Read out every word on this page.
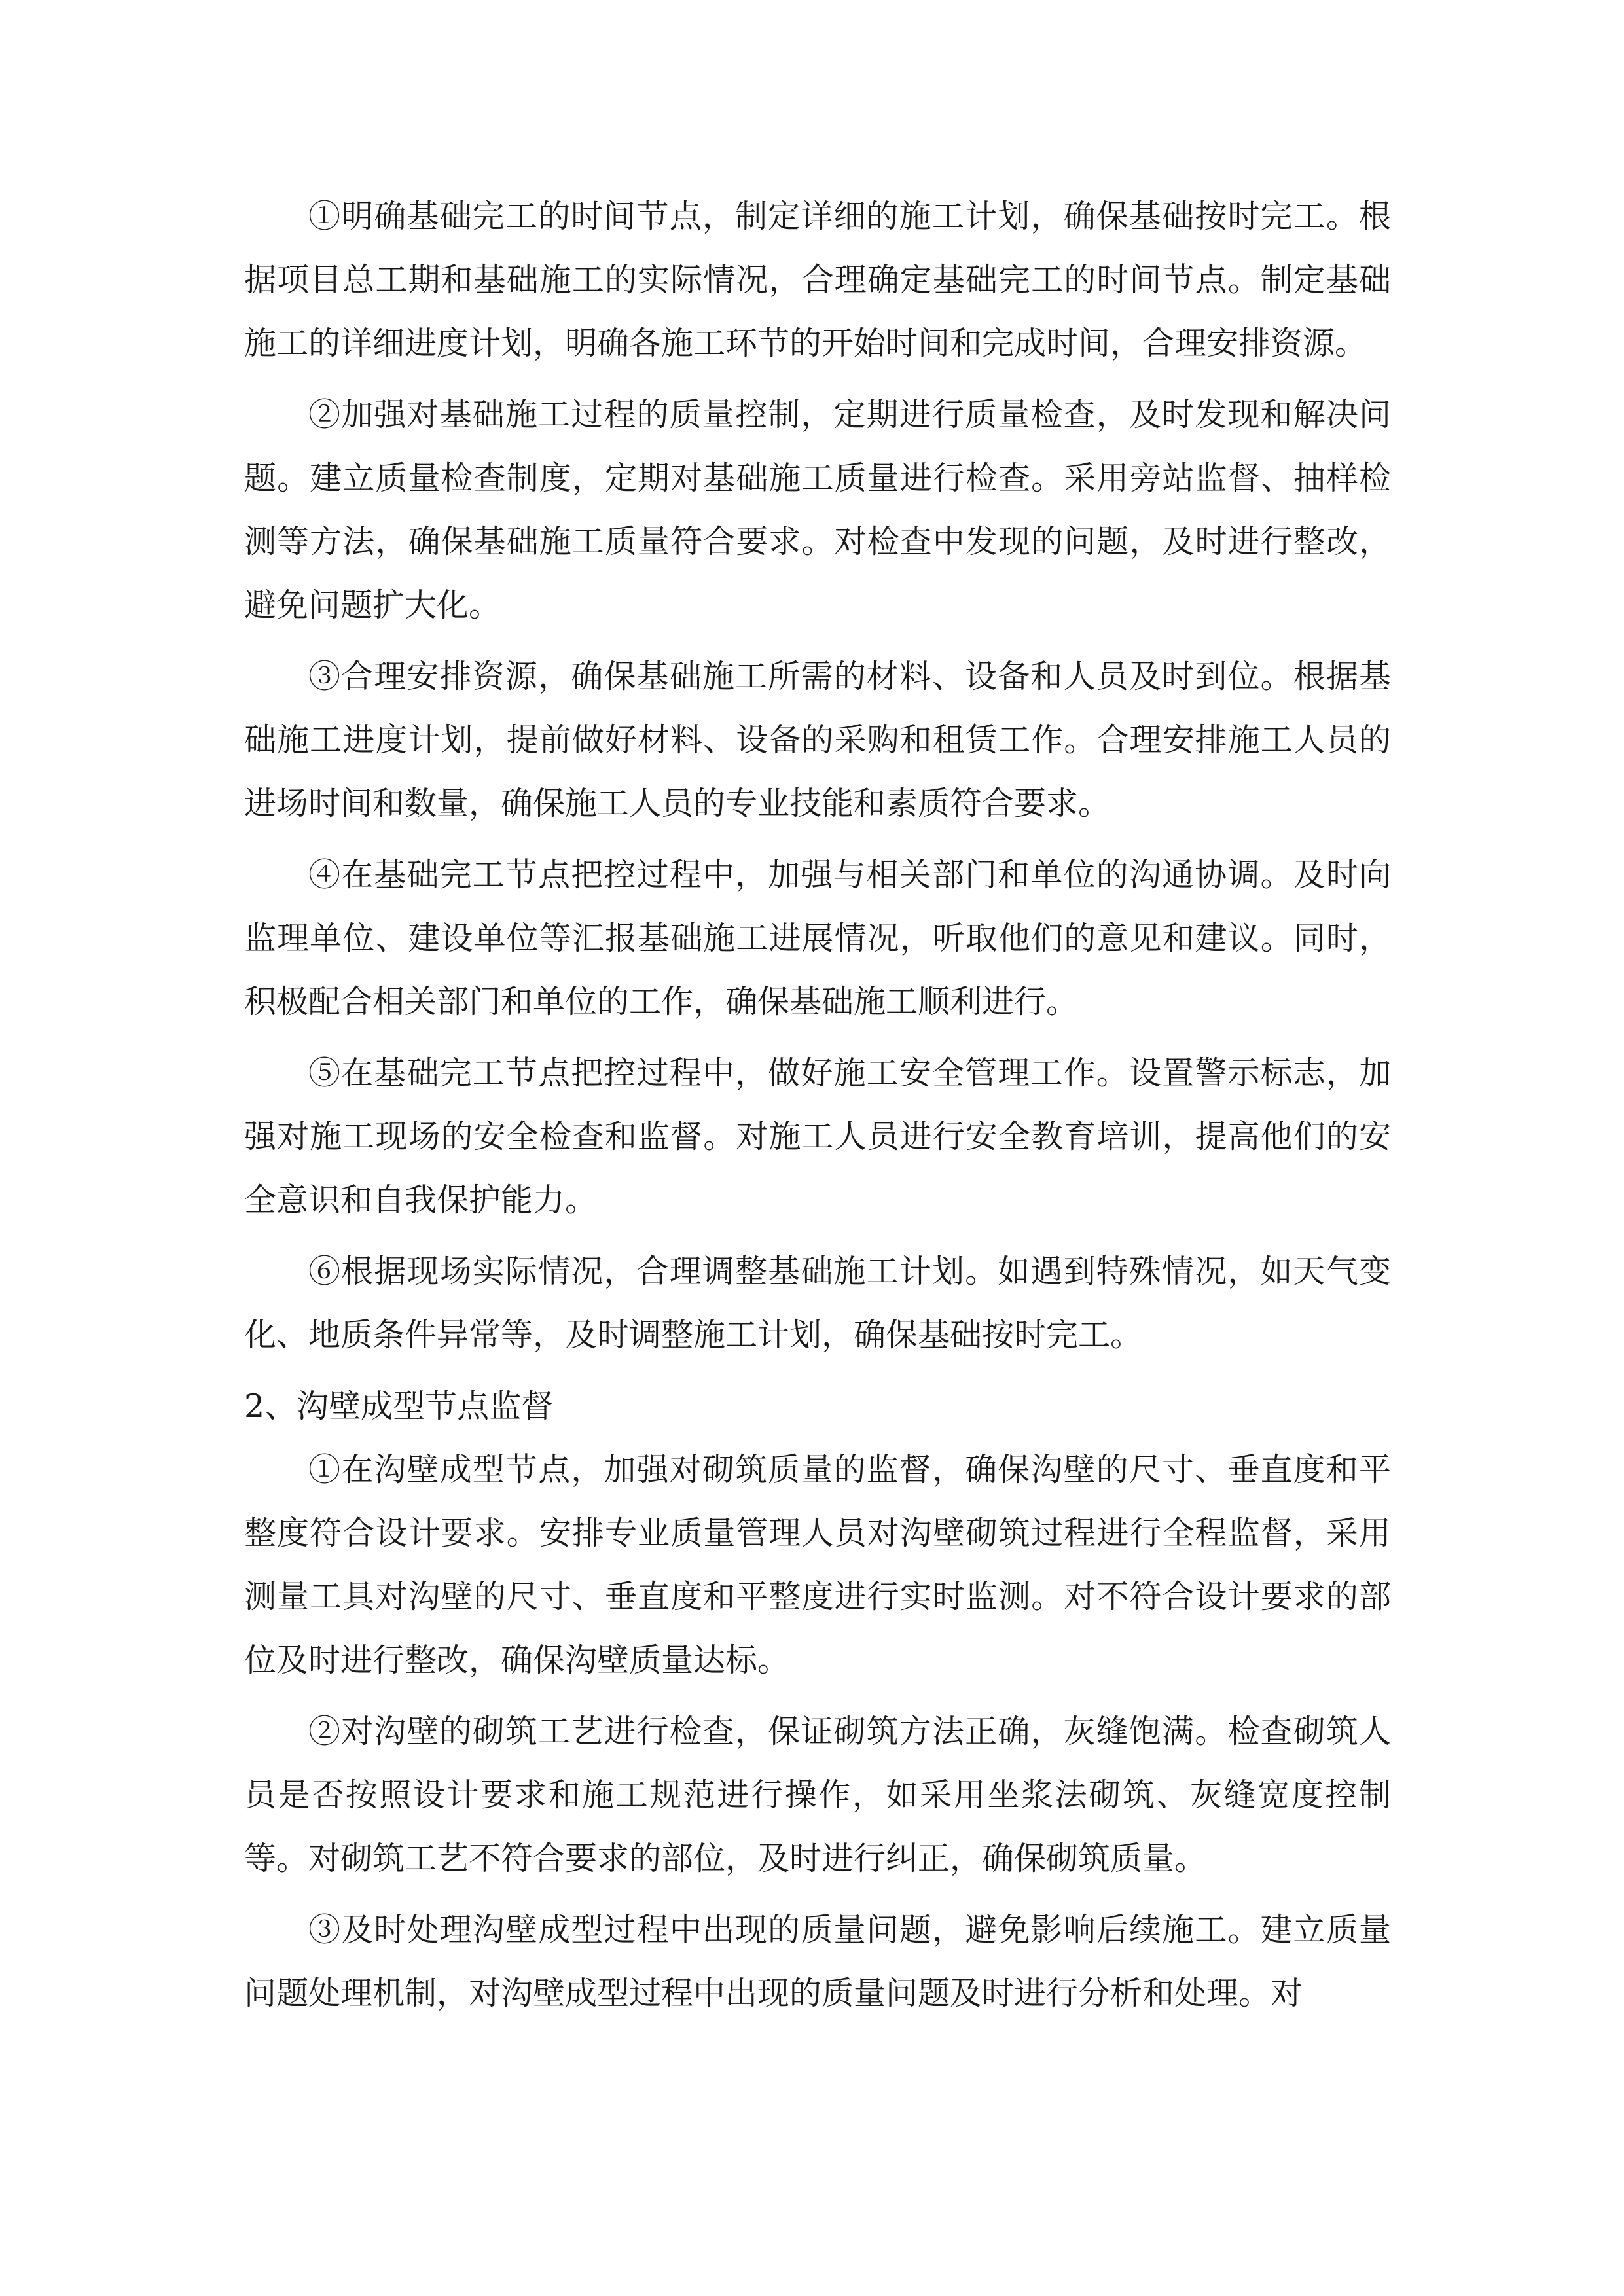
①明确基础完工的时间节点，制定详细的施工计划，确保基础按时完工。根据项目总工期和基础施工的实际情况，合理确定基础完工的时间节点。制定基础施工的详细进度计划，明确各施工环节的开始时间和完成时间，合理安排资源。

②加强对基础施工过程的质量控制，定期进行质量检查，及时发现和解决问题。建立质量检查制度，定期对基础施工质量进行检查。采用旁站监督、抽样检测等方法，确保基础施工质量符合要求。对检查中发现的问题，及时进行整改，避免问题扩大化。

③合理安排资源，确保基础施工所需的材料、设备和人员及时到位。根据基础施工进度计划，提前做好材料、设备的采购和租赁工作。合理安排施工人员的进场时间和数量，确保施工人员的专业技能和素质符合要求。

④在基础完工节点把控过程中，加强与相关部门和单位的沟通协调。及时向监理单位、建设单位等汇报基础施工进展情况，听取他们的意见和建议。同时，积极配合相关部门和单位的工作，确保基础施工顺利进行。

⑤在基础完工节点把控过程中，做好施工安全管理工作。设置警示标志，加强对施工现场的安全检查和监督。对施工人员进行安全教育培训，提高他们的安全意识和自我保护能力。

⑥根据现场实际情况，合理调整基础施工计划。如遇到特殊情况，如天气变化、地质条件异常等，及时调整施工计划，确保基础按时完工。

2、沟壁成型节点监督

①在沟壁成型节点，加强对砌筑质量的监督，确保沟壁的尺寸、垂直度和平整度符合设计要求。安排专业质量管理人员对沟壁砌筑过程进行全程监督，采用测量工具对沟壁的尺寸、垂直度和平整度进行实时监测。对不符合设计要求的部位及时进行整改，确保沟壁质量达标。

②对沟壁的砌筑工艺进行检查，保证砌筑方法正确，灰缝饱满。检查砌筑人员是否按照设计要求和施工规范进行操作，如采用坐浆法砌筑、灰缝宽度控制等。对砌筑工艺不符合要求的部位，及时进行纠正，确保砌筑质量。

③及时处理沟壁成型过程中出现的质量问题，避免影响后续施工。建立质量问题处理机制，对沟壁成型过程中出现的质量问题及时进行分析和处理。对
